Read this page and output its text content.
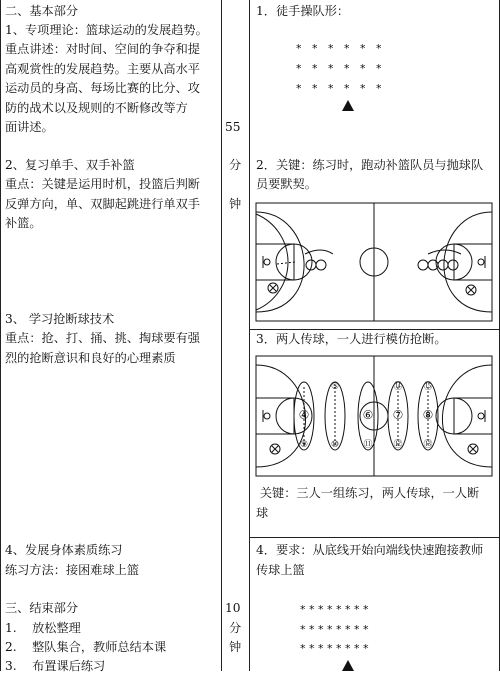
二、基本部分
1、专项理论：篮球运动的发展趋势。
重点讲述：对时间、空间的争夺和提
高观赏性的发展趋势。主要从高水平
运动员的身高、每场比赛的比分、攻
防的战术以及规则的不断修改等方
面讲述。
2、复习单手、双手补篮
重点：关键是运用时机，投篮后判断
反弹方向，单、双脚起跳进行单双手
补篮。
3、 学习抢断球技术
重点：抢、打、捅、挑、掏球要有强
烈的抢断意识和良好的心理素质
4、发展身体素质练习
练习方法：接困难球上篮
三、结束部分
1.    放松整理
2.    整队集合，教师总结本课
3.    布置课后练习
55
分
钟
10
分
钟
1．徒手操队形：
*   *   *   *   *   *
*   *   *   *   *   *
*   *   *   *   *   *
2．关键：练习时，跑动补篮队员与抛球队
员要默契。
3．两人传球，一人进行模仿抢断。
④
⑤
⑥ ⑦ ⑧
⑨	⑩	⑪ ⑫ ⑬
⑭ ⑮
关键：三人一组练习，两人传球，一人断
球
4．要求：从底线开始向端线快速跑接教师
传球上篮
* * * * * * * *
* * * * * * * *
* * * * * * * *
